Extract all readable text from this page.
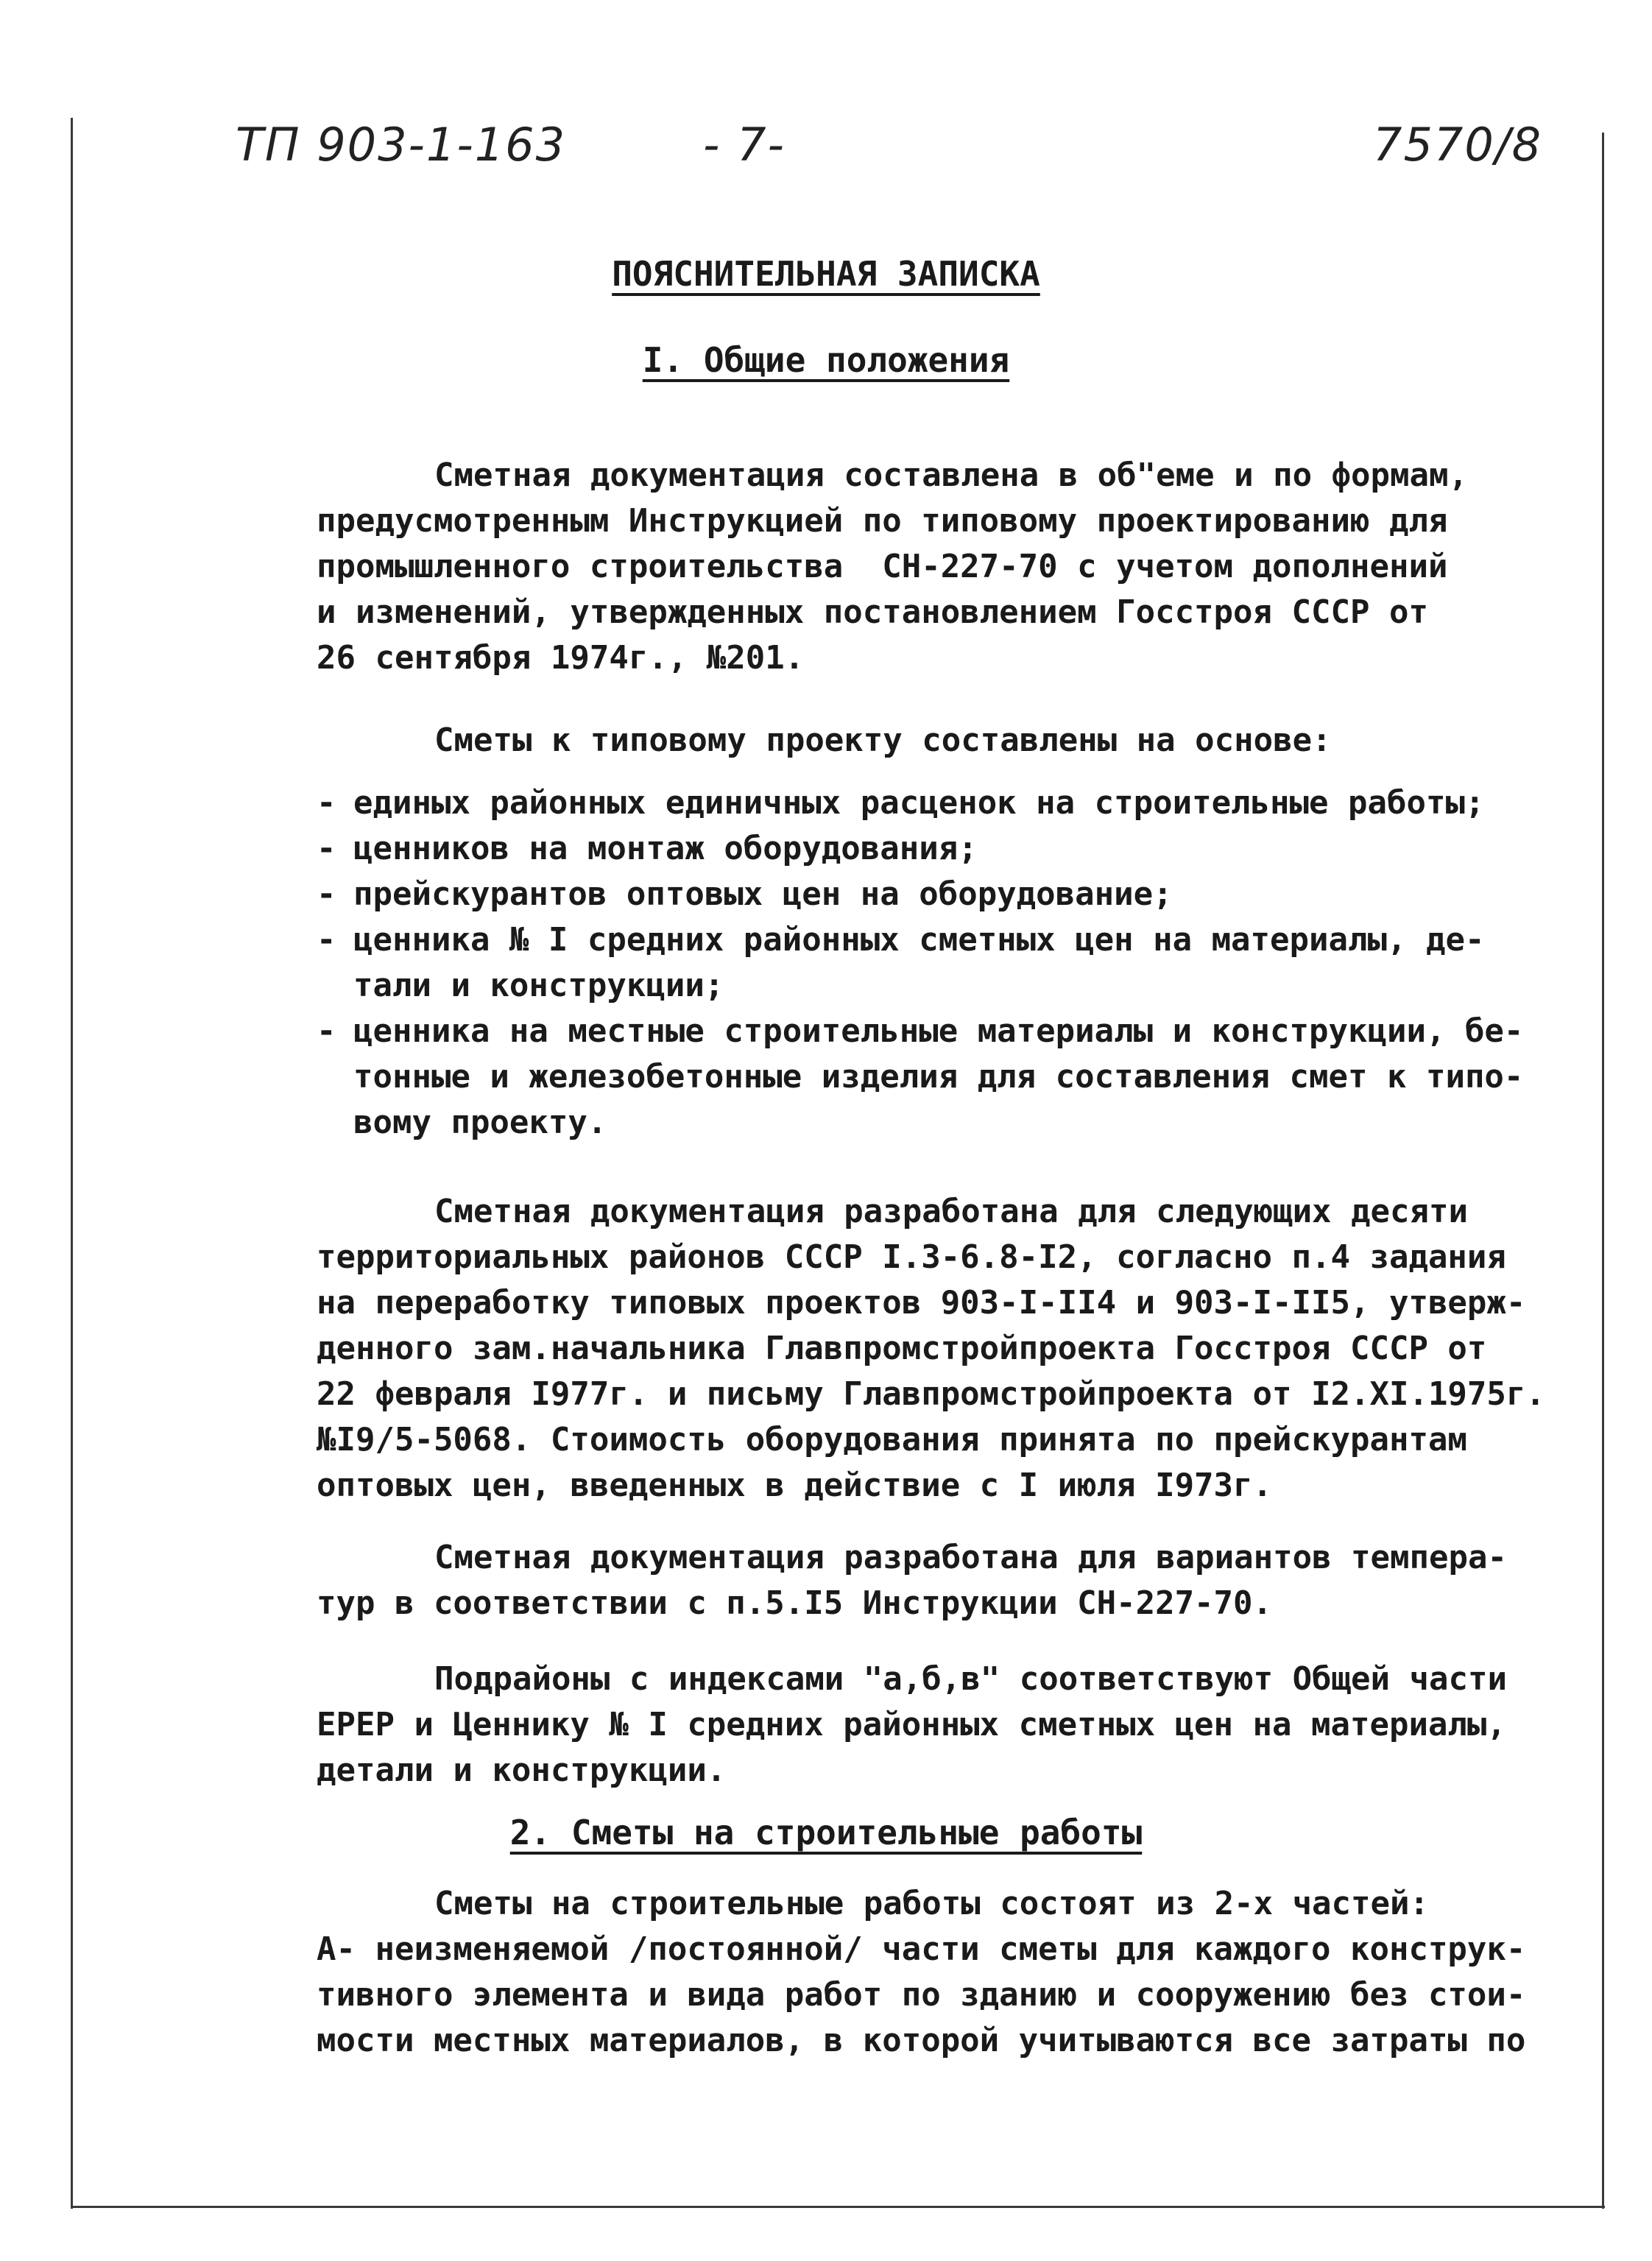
ТП 903-1-163	- 7-	7570/8
ПОЯСНИТЕЛЬНАЯ ЗАПИСКА
I. Общие положения
Сметная документация составлена в об"еме и по формам,
предусмотренным Инструкцией по типовому проектированию для
промышленного строительства  СН-227-70 с учетом дополнений
и изменений, утвержденных постановлением Госстроя СССР от
26 сентября 1974г., №201.
Сметы к типовому проекту составлены на основе:
- единых районных единичных расценок на строительные работы;
- ценников на монтаж оборудования;
- прейскурантов оптовых цен на оборудование;
- ценника № I средних районных сметных цен на материалы, де-
тали и конструкции;
- ценника на местные строительные материалы и конструкции, бе-
тонные и железобетонные изделия для составления смет к типо-
вому проекту.
Сметная документация разработана для следующих десяти
территориальных районов СССР I.3-6.8-I2, согласно п.4 задания
на переработку типовых проектов 903-I-II4 и 903-I-II5, утверж-
денного зам.начальника Главпромстройпроекта Госстроя СССР от
22 февраля I977г. и письму Главпромстройпроекта от I2.XI.1975г.
№I9/5-5068. Стоимость оборудования принята по прейскурантам
оптовых цен, введенных в действие с I июля I973г.
Сметная документация разработана для вариантов темпера-
тур в соответствии с п.5.I5 Инструкции СН-227-70.
Подрайоны с индексами "а,б,в" соответствуют Общей части
ЕРЕР и Ценнику № I средних районных сметных цен на материалы,
детали и конструкции.
2. Сметы на строительные работы
Сметы на строительные работы состоят из 2-х частей:
А- неизменяемой /постоянной/ части сметы для каждого конструк-
тивного элемента и вида работ по зданию и сооружению без стои-
мости местных материалов, в которой учитываются все затраты по
